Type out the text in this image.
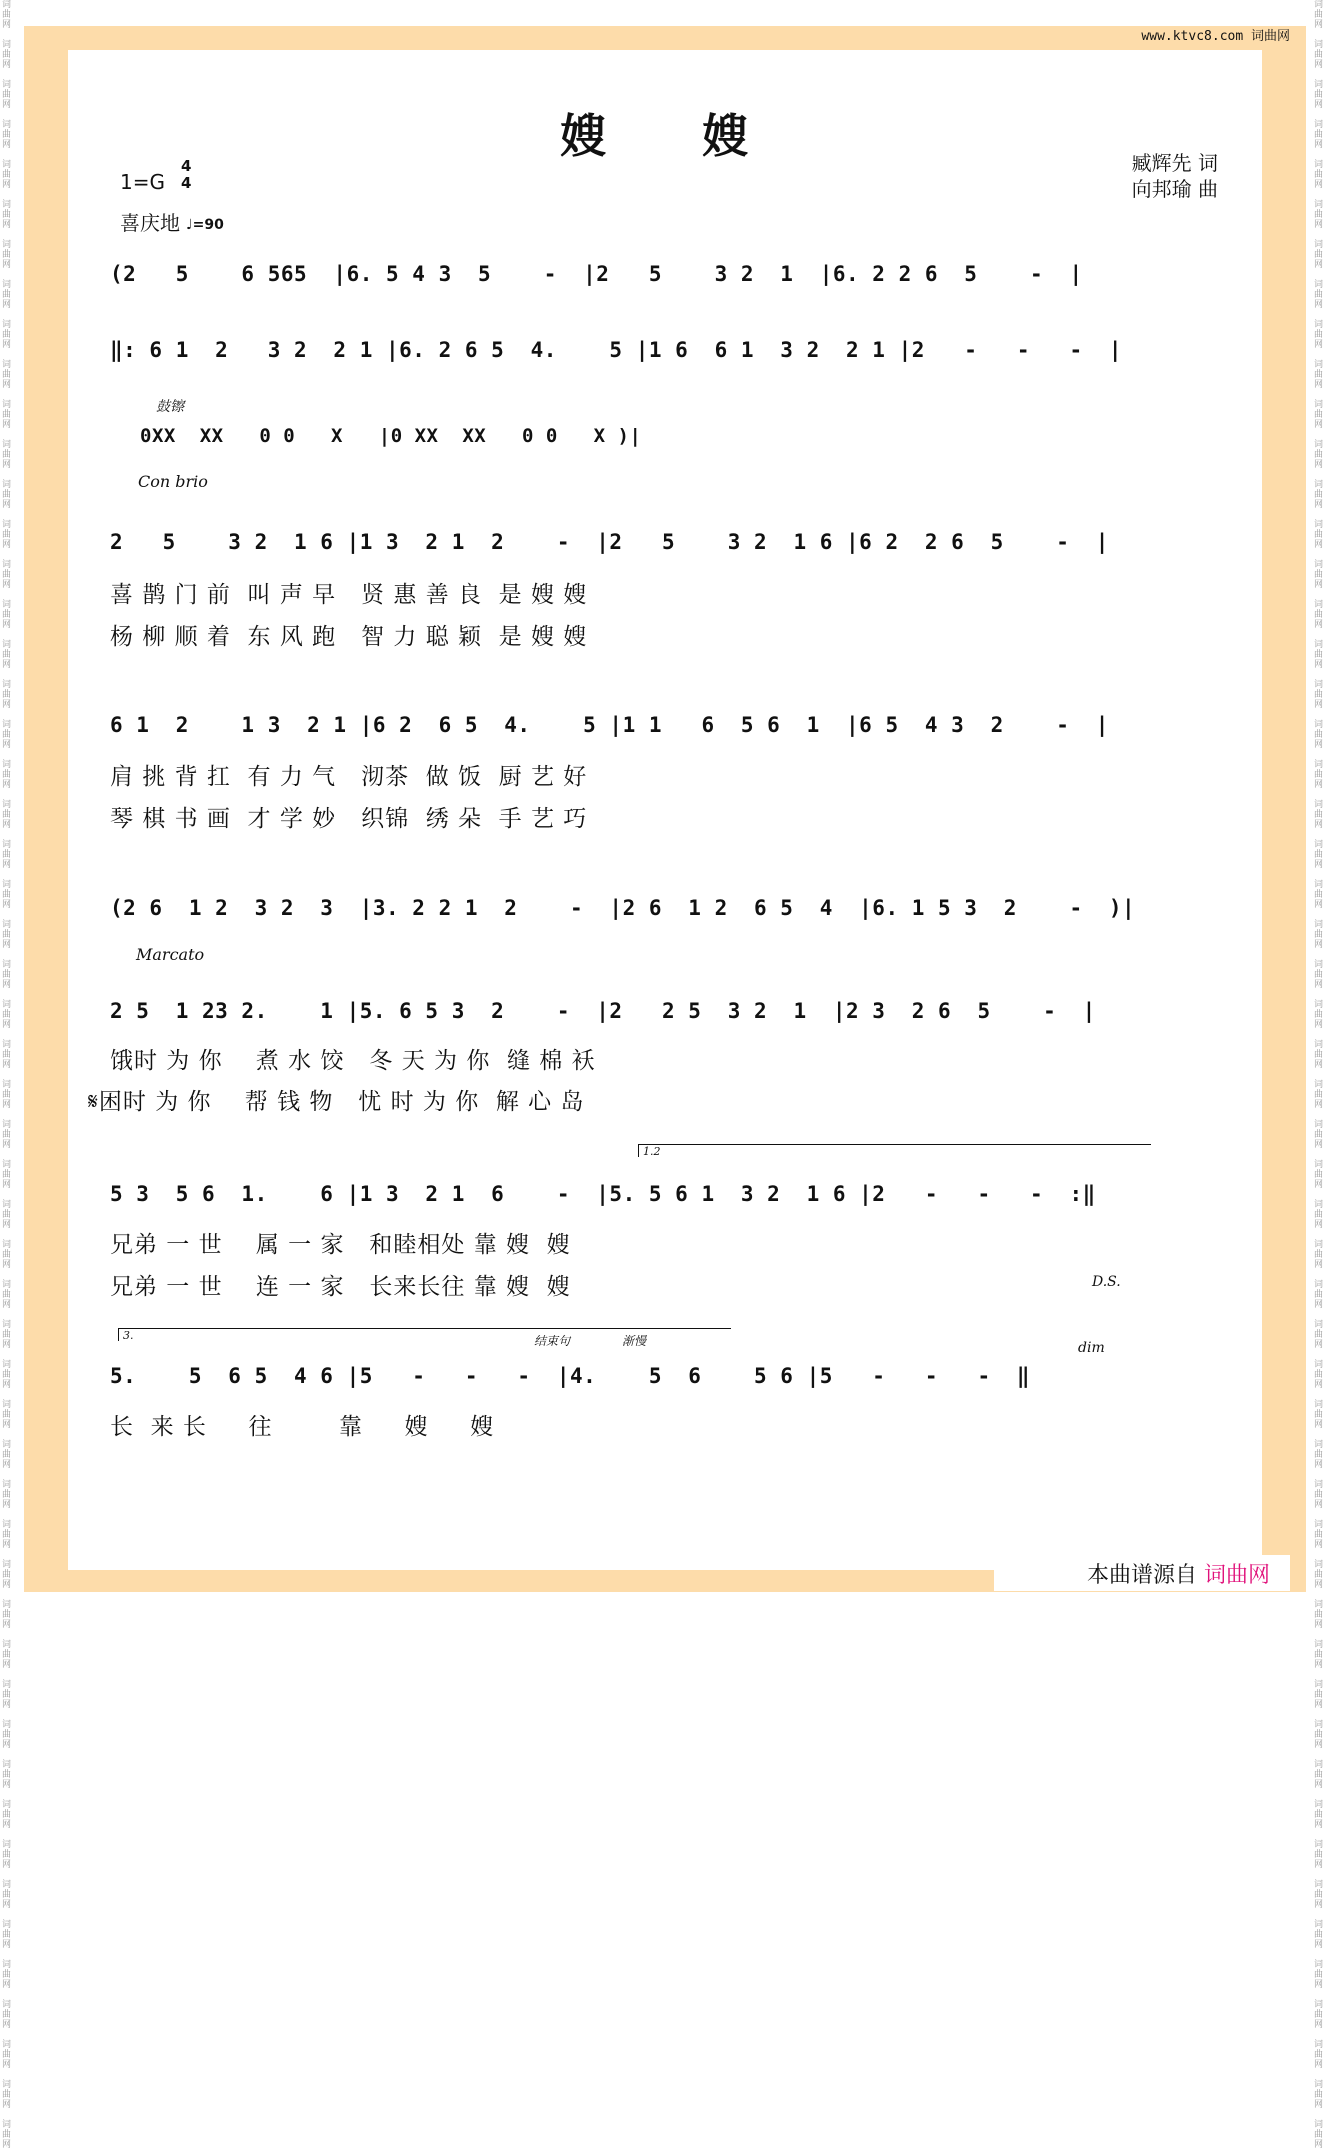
词
曲
网

词
曲
网

词
曲
网

词
曲
网

词
曲
网

词
曲
网

词
曲
网

词
曲
网

词
曲
网

词
曲
网

词
曲
网

词
曲
网

词
曲
网

词
曲
网

词
曲
网

词
曲
网

词
曲
网

词
曲
网

词
曲
网

词
曲
网

词
曲
网

词
曲
网

词
曲
网

词
曲
网

词
曲
网

词
曲
网

词
曲
网

词
曲
网

词
曲
网

词
曲
网

词
曲
网

词
曲
网

词
曲
网

词
曲
网

词
曲
网

词
曲
网

词
曲
网

词
曲
网

词
曲
网

词
曲
网

词
曲
网

词
曲
网

词
曲
网

词
曲
网

词
曲
网

词
曲
网

词
曲
网

词
曲
网

词
曲
网

词
曲
网

词
曲
网

词
曲
网

词
曲
网

词
曲
网

词
曲
网

词
曲
网

词
曲
网

词
曲
网

词
曲
网

词
曲
网

词
曲
网

词
曲
网

词
曲
网

词
曲
网

词
曲
网

词
曲
网

词
曲
网

词
曲
网

词
曲
网

词
曲
网

词
曲
网

词
曲
网

词
曲
网

词
曲
网

词
曲
网

词
曲
网

词
曲
网

词
曲
网

词
曲
网

词
曲
网

词
曲
网

词
曲
网

词
曲
网

词
曲
网

词
曲
网

词
曲
网

词
曲
网

词
曲
网

词
曲
网

词
曲
网

词
曲
网

词
曲
网

词
曲
网

词
曲
网

词
曲
网

词
曲
网

词
曲
网

词
曲
网

词
曲
网

词
曲
网

词
曲
网

词
曲
网

词
曲
网

词
曲
网

词
曲
网

词
曲
网

词
曲
网

词
曲
网

www.ktvc8.com 词曲网
嫂 嫂	臧辉先 词
向邦瑜 曲
1=G
4
4
喜庆地 ♩=90
(2   5    6 565  |6. 5 4 3  5    -  |2   5    3 2  1  |6. 2 2 6  5    -  |
‖: 6 1  2   3 2  2 1 |6. 2 6 5  4.    5 |1 6  6 1  3 2  2 1 |2   -   -   -  |
鼓镲
0XX  XX   0 0   X   |0 XX  XX   0 0   X )|
Con brio
2   5    3 2  1 6 |1 3  2 1  2    -  |2   5    3 2  1 6 |6 2  2 6  5    -  |
喜 鹊 门 前  叫 声 早   贤 惠 善 良  是 嫂 嫂
杨 柳 顺 着  东 风 跑   智 力 聪 颖  是 嫂 嫂
6 1  2    1 3  2 1 |6 2  6 5  4.    5 |1 1   6  5 6  1  |6 5  4 3  2    -  |
肩 挑 背 扛  有 力 气   沏茶  做 饭  厨 艺 好
琴 棋 书 画  才 学 妙   织锦  绣 朵  手 艺 巧
(2 6  1 2  3 2  3  |3. 2 2 1  2    -  |2 6  1 2  6 5  4  |6. 1 5 3  2    -  )|
Marcato
2 5  1 23 2.    1 |5. 6 5 3  2    -  |2   2 5  3 2  1  |2 3  2 6  5    -  |
饿时 为 你    煮 水 饺   冬 天 为 你  缝 棉 袄
𝄋困时 为 你    帮 钱 物   忧 时 为 你  解 心 岛
1.2
5 3  5 6  1.    6 |1 3  2 1  6    -  |5. 5 6 1  3 2  1 6 |2   -   -   -  :‖
兄弟 一 世    属 一 家   和睦相处 靠 嫂  嫂
兄弟 一 世    连 一 家   长来长往 靠 嫂  嫂	D.S.
3.	结束句	渐慢	dim
5.    5  6 5  4 6 |5   -   -   -  |4.    5  6    5 6 |5   -   -   -  ‖
长  来 长     往        靠     嫂     嫂
本曲谱源自 词曲网
